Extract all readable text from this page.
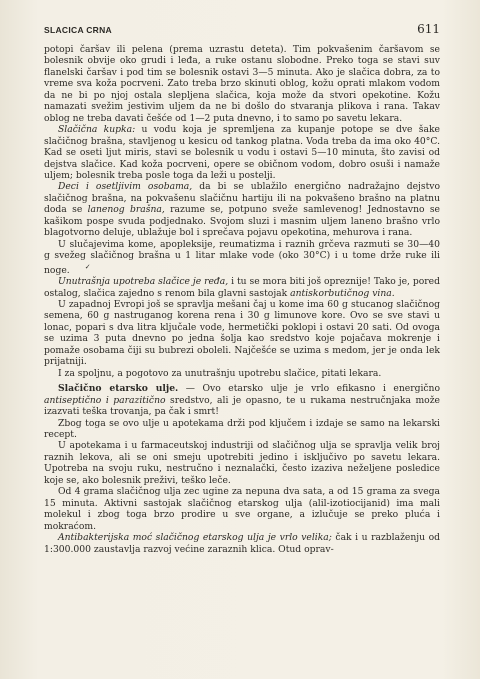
SLACICA CRNA	611

potopi čaršav ili pelena (prema uzrastu deteta). Tim pokvašenim čaršavom se bolesnik obvije oko grudi i leđa, a ruke ostanu slobodne. Preko toga se stavi suv flanelski čaršav i pod tim se bolesnik ostavi 3—5 minuta. Ako je slačica dobra, za to vreme sva koža pocrveni. Zato treba brzo skinuti oblog, kožu oprati mlakom vodom da ne bi po njoj ostala slepljena slačica, koja može da stvori opekotine. Kožu namazati svežim jestivim uljem da ne bi došlo do stvaranja plikova i rana. Takav oblog ne treba davati češće od 1—2 puta dnevno, i to samo po savetu lekara.

Slačična kupka: u vodu koja je spremljena za kupanje potope se dve šake slačičnog brašna, stavljenog u kesicu od tankog platna. Voda treba da ima oko 40°C. Kad se oseti ljut miris, stavi se bolesnik u vodu i ostavi 5—10 minuta, što zavisi od dejstva slačice. Kad koža pocrveni, opere se običnom vodom, dobro osuši i namaže uljem; bolesnik treba posle toga da leži u postelji.

Deci i osetljivim osobama, da bi se ublažilo energično nadražajno dejstvo slačičnog brašna, na pokvašenu slačičnu hartiju ili na pokvašeno brašno na platnu doda se lanenog brašna, razume se, potpuno sveže samlevenog! Jednostavno se kašikom pospe svuda podjednako. Svojom sluzi i masnim uljem laneno brašno vrlo blagotvorno deluje, ublažuje bol i sprečava pojavu opekotina, mehurova i rana.

U slučajevima kome, apopleksije, reumatizma i raznih grčeva razmuti se 30—40 g svežeg slačičnog brašna u 1 litar mlake vode (oko 30°C) i u tome drže ruke ili noge. ✓

Unutrašnja upotreba slačice je ređa, i tu se mora biti još opreznije! Tako je, pored ostalog, slačica zajedno s renom bila glavni sastojak antiskorbutičnog vina.

U zapadnoj Evropi još se spravlja mešani čaj u kome ima 60 g stucanog slačičnog semena, 60 g nastruganog korena rena i 30 g limunove kore. Ovo se sve stavi u lonac, popari s dva litra ključale vode, hermetički poklopi i ostavi 20 sati. Od ovoga se uzima 3 puta dnevno po jedna šolja kao sredstvo koje pojačava mokrenje i pomaže osobama čiji su bubrezi oboleli. Najčešće se uzima s medom, jer je onda lek prijatniji.

I za spoljnu, a pogotovo za unutrašnju upotrebu slačice, pitati lekara.

Slačično etarsko ulje. — Ovo etarsko ulje je vrlo efikasno i energično antiseptično i parazitično sredstvo, ali je opasno, te u rukama nestručnjaka može izazvati teška trovanja, pa čak i smrt!

Zbog toga se ovo ulje u apotekama drži pod ključem i izdaje se samo na lekarski recept.

U apotekama i u farmaceutskoj industriji od slačičnog ulja se spravlja velik broj raznih lekova, ali se oni smeju upotrebiti jedino i isključivo po savetu lekara. Upotreba na svoju ruku, nestručno i neznalački, često izaziva neželjene posledice koje se, ako bolesnik preživi, teško leče.

Od 4 grama slačičnog ulja zec ugine za nepuna dva sata, a od 15 grama za svega 15 minuta. Aktivni sastojak slačičnog etarskog ulja (alil-izotiocijanid) ima mali molekul i zbog toga brzo prodire u sve organe, a izlučuje se preko pluća i mokraćom.

Antibakterijska moć slačičnog etarskog ulja je vrlo velika; čak i u razblaženju od 1:300.000 zaustavlja razvoj većine zaraznih klica. Otud oprav-
